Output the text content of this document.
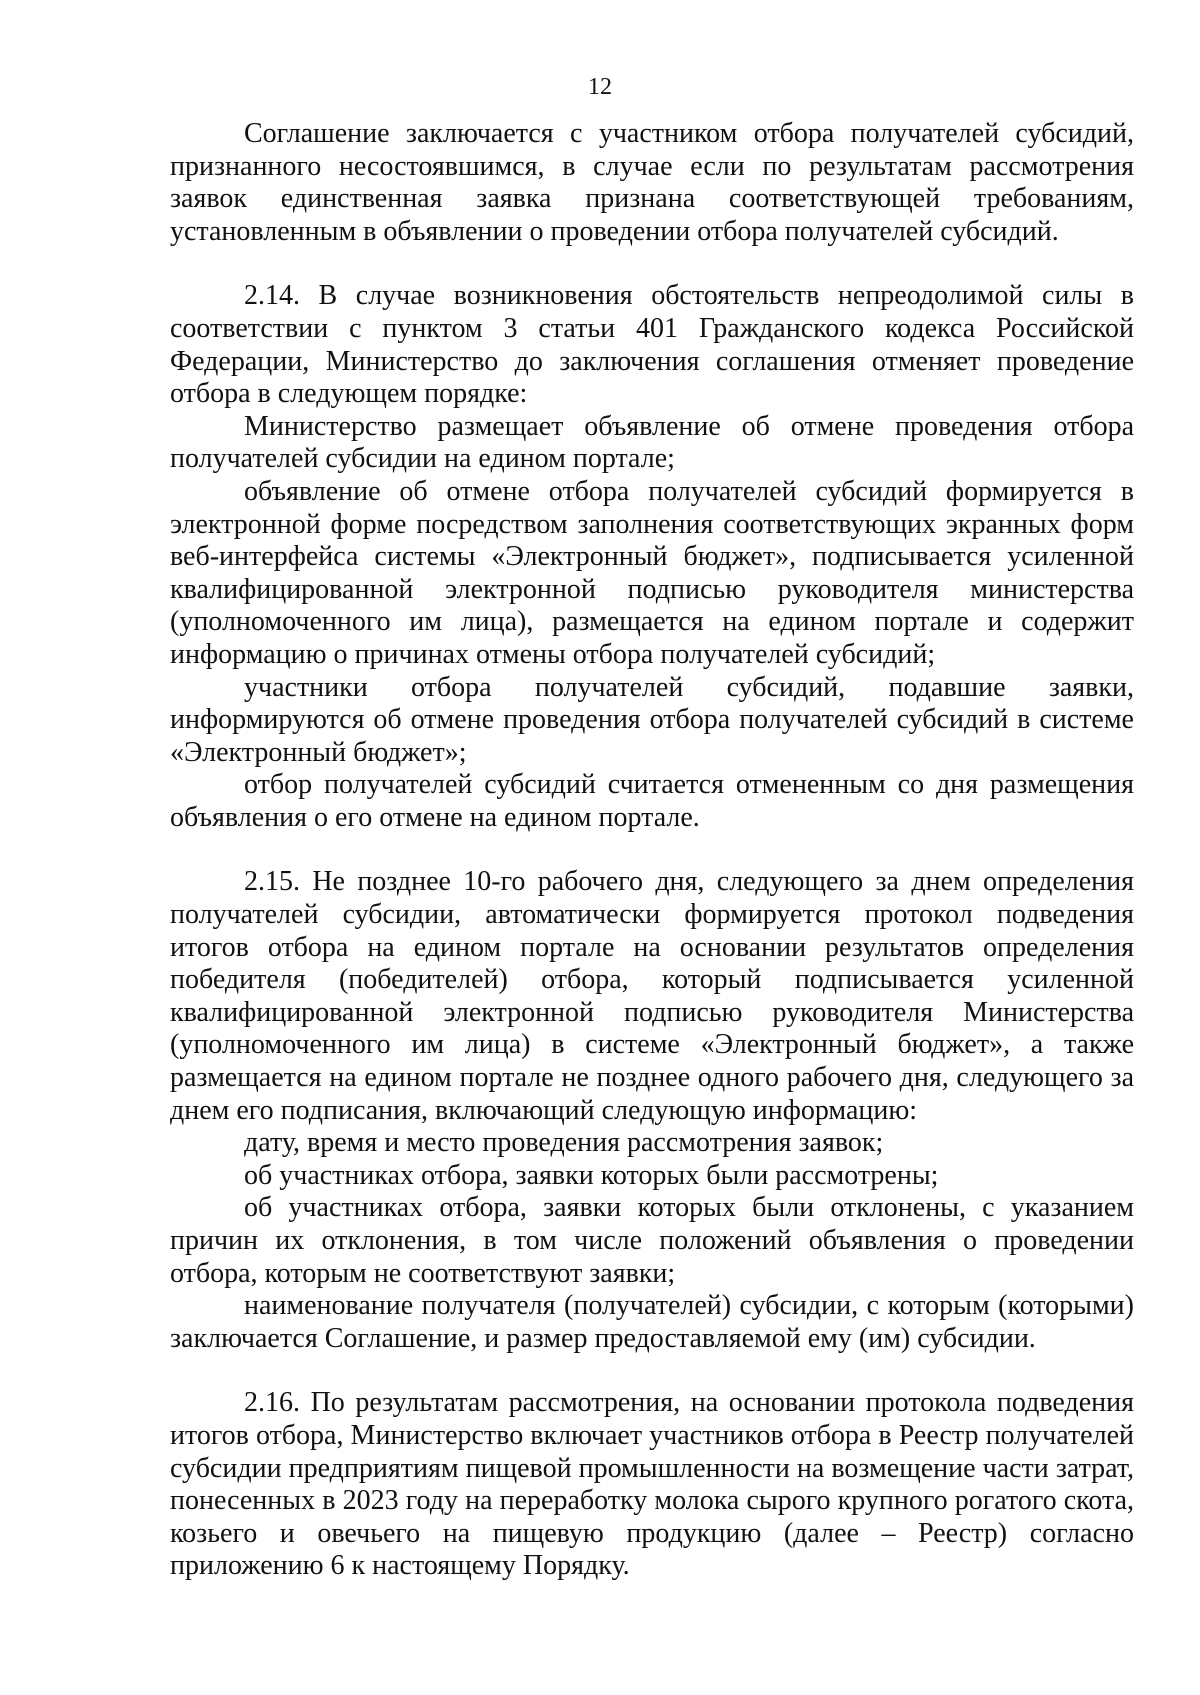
12

Соглашение заключается с участником отбора получателей субсидий, признанного несостоявшимся, в случае если по результатам рассмотрения заявок единственная заявка признана соответствующей требованиям, установленным в объявлении о проведении отбора получателей субсидий.

2.14. В случае возникновения обстоятельств непреодолимой силы в соответствии с пунктом 3 статьи 401 Гражданского кодекса Российской Федерации, Министерство до заключения соглашения отменяет проведение отбора в следующем порядке:

Министерство размещает объявление об отмене проведения отбора получателей субсидии на едином портале;

объявление об отмене отбора получателей субсидий формируется в электронной форме посредством заполнения соответствующих экранных форм веб-интерфейса системы «Электронный бюджет», подписывается усиленной квалифицированной электронной подписью руководителя министерства (уполномоченного им лица), размещается на едином портале и содержит информацию о причинах отмены отбора получателей субсидий;

участники отбора получателей субсидий, подавшие заявки, информируются об отмене проведения отбора получателей субсидий в системе «Электронный бюджет»;

отбор получателей субсидий считается отмененным со дня размещения объявления о его отмене на едином портале.

2.15. Не позднее 10-го рабочего дня, следующего за днем определения получателей субсидии, автоматически формируется протокол подведения итогов отбора на едином портале на основании результатов определения победителя (победителей) отбора, который подписывается усиленной квалифицированной электронной подписью руководителя Министерства (уполномоченного им лица) в системе «Электронный бюджет», а также размещается на едином портале не позднее одного рабочего дня, следующего за днем его подписания, включающий следующую информацию:

дату, время и место проведения рассмотрения заявок;

об участниках отбора, заявки которых были рассмотрены;

об участниках отбора, заявки которых были отклонены, с указанием причин их отклонения, в том числе положений объявления о проведении отбора, которым не соответствуют заявки;

наименование получателя (получателей) субсидии, с которым (которыми) заключается Соглашение, и размер предоставляемой ему (им) субсидии.

2.16. По результатам рассмотрения, на основании протокола подведения итогов отбора, Министерство включает участников отбора в Реестр получателей субсидии предприятиям пищевой промышленности на возмещение части затрат, понесенных в 2023 году на переработку молока сырого крупного рогатого скота, козьего и овечьего на пищевую продукцию (далее – Реестр) согласно приложению 6 к настоящему Порядку.
